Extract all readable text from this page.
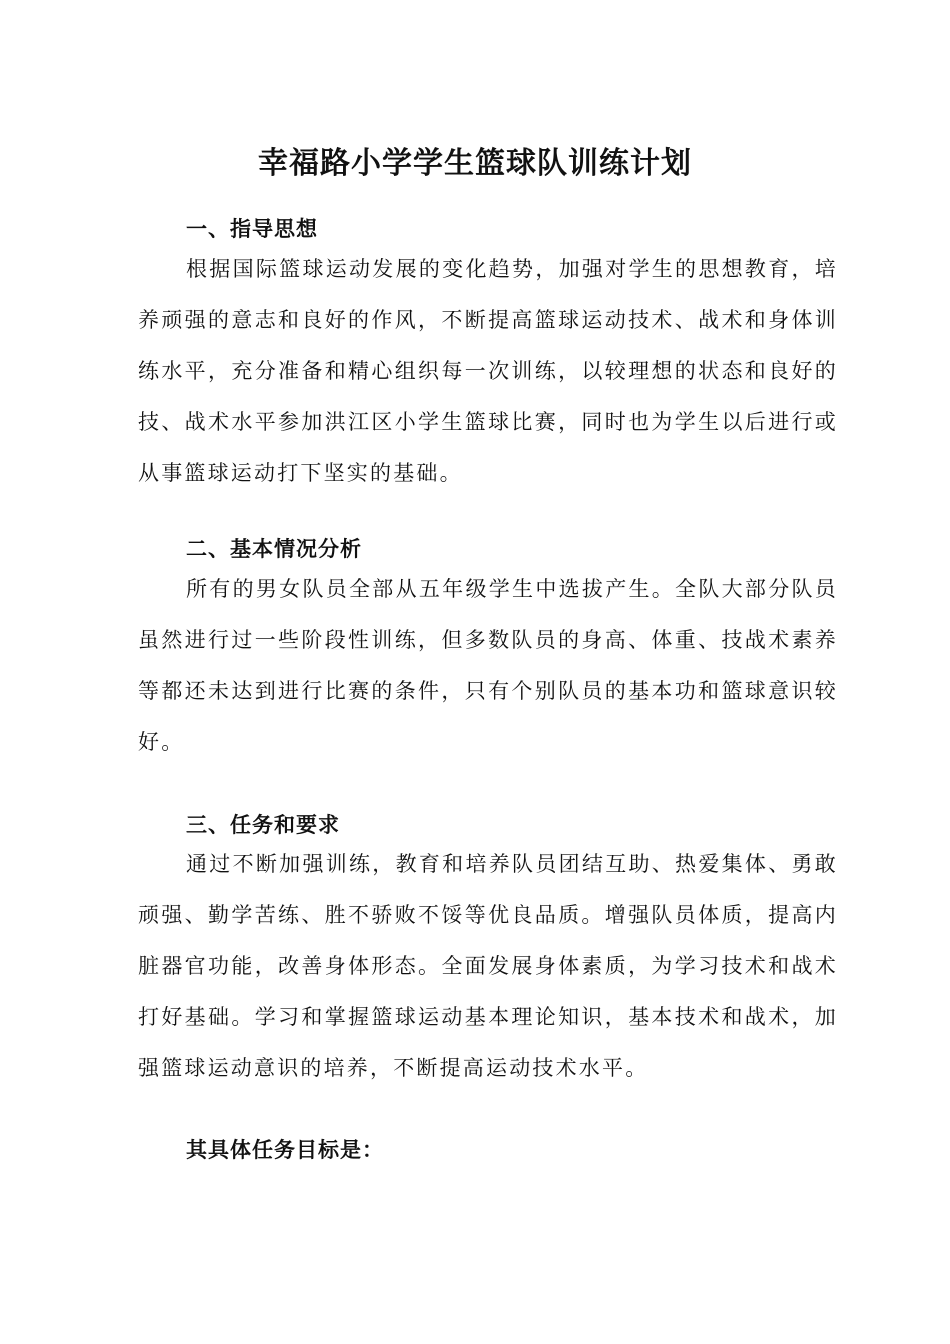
幸福路小学学生篮球队训练计划
一、指导思想
根据国际篮球运动发展的变化趋势，加强对学生的思想教育，培养顽强的意志和良好的作风，不断提高篮球运动技术、战术和身体训练水平，充分准备和精心组织每一次训练，以较理想的状态和良好的技、战术水平参加洪江区小学生篮球比赛，同时也为学生以后进行或从事篮球运动打下坚实的基础。
二、基本情况分析
所有的男女队员全部从五年级学生中选拔产生。全队大部分队员虽然进行过一些阶段性训练，但多数队员的身高、体重、技战术素养等都还未达到进行比赛的条件，只有个别队员的基本功和篮球意识较好。
三、任务和要求
通过不断加强训练，教育和培养队员团结互助、热爱集体、勇敢顽强、勤学苦练、胜不骄败不馁等优良品质。增强队员体质，提高内脏器官功能，改善身体形态。全面发展身体素质，为学习技术和战术打好基础。学习和掌握篮球运动基本理论知识，基本技术和战术，加强篮球运动意识的培养，不断提高运动技术水平。
其具体任务目标是：
